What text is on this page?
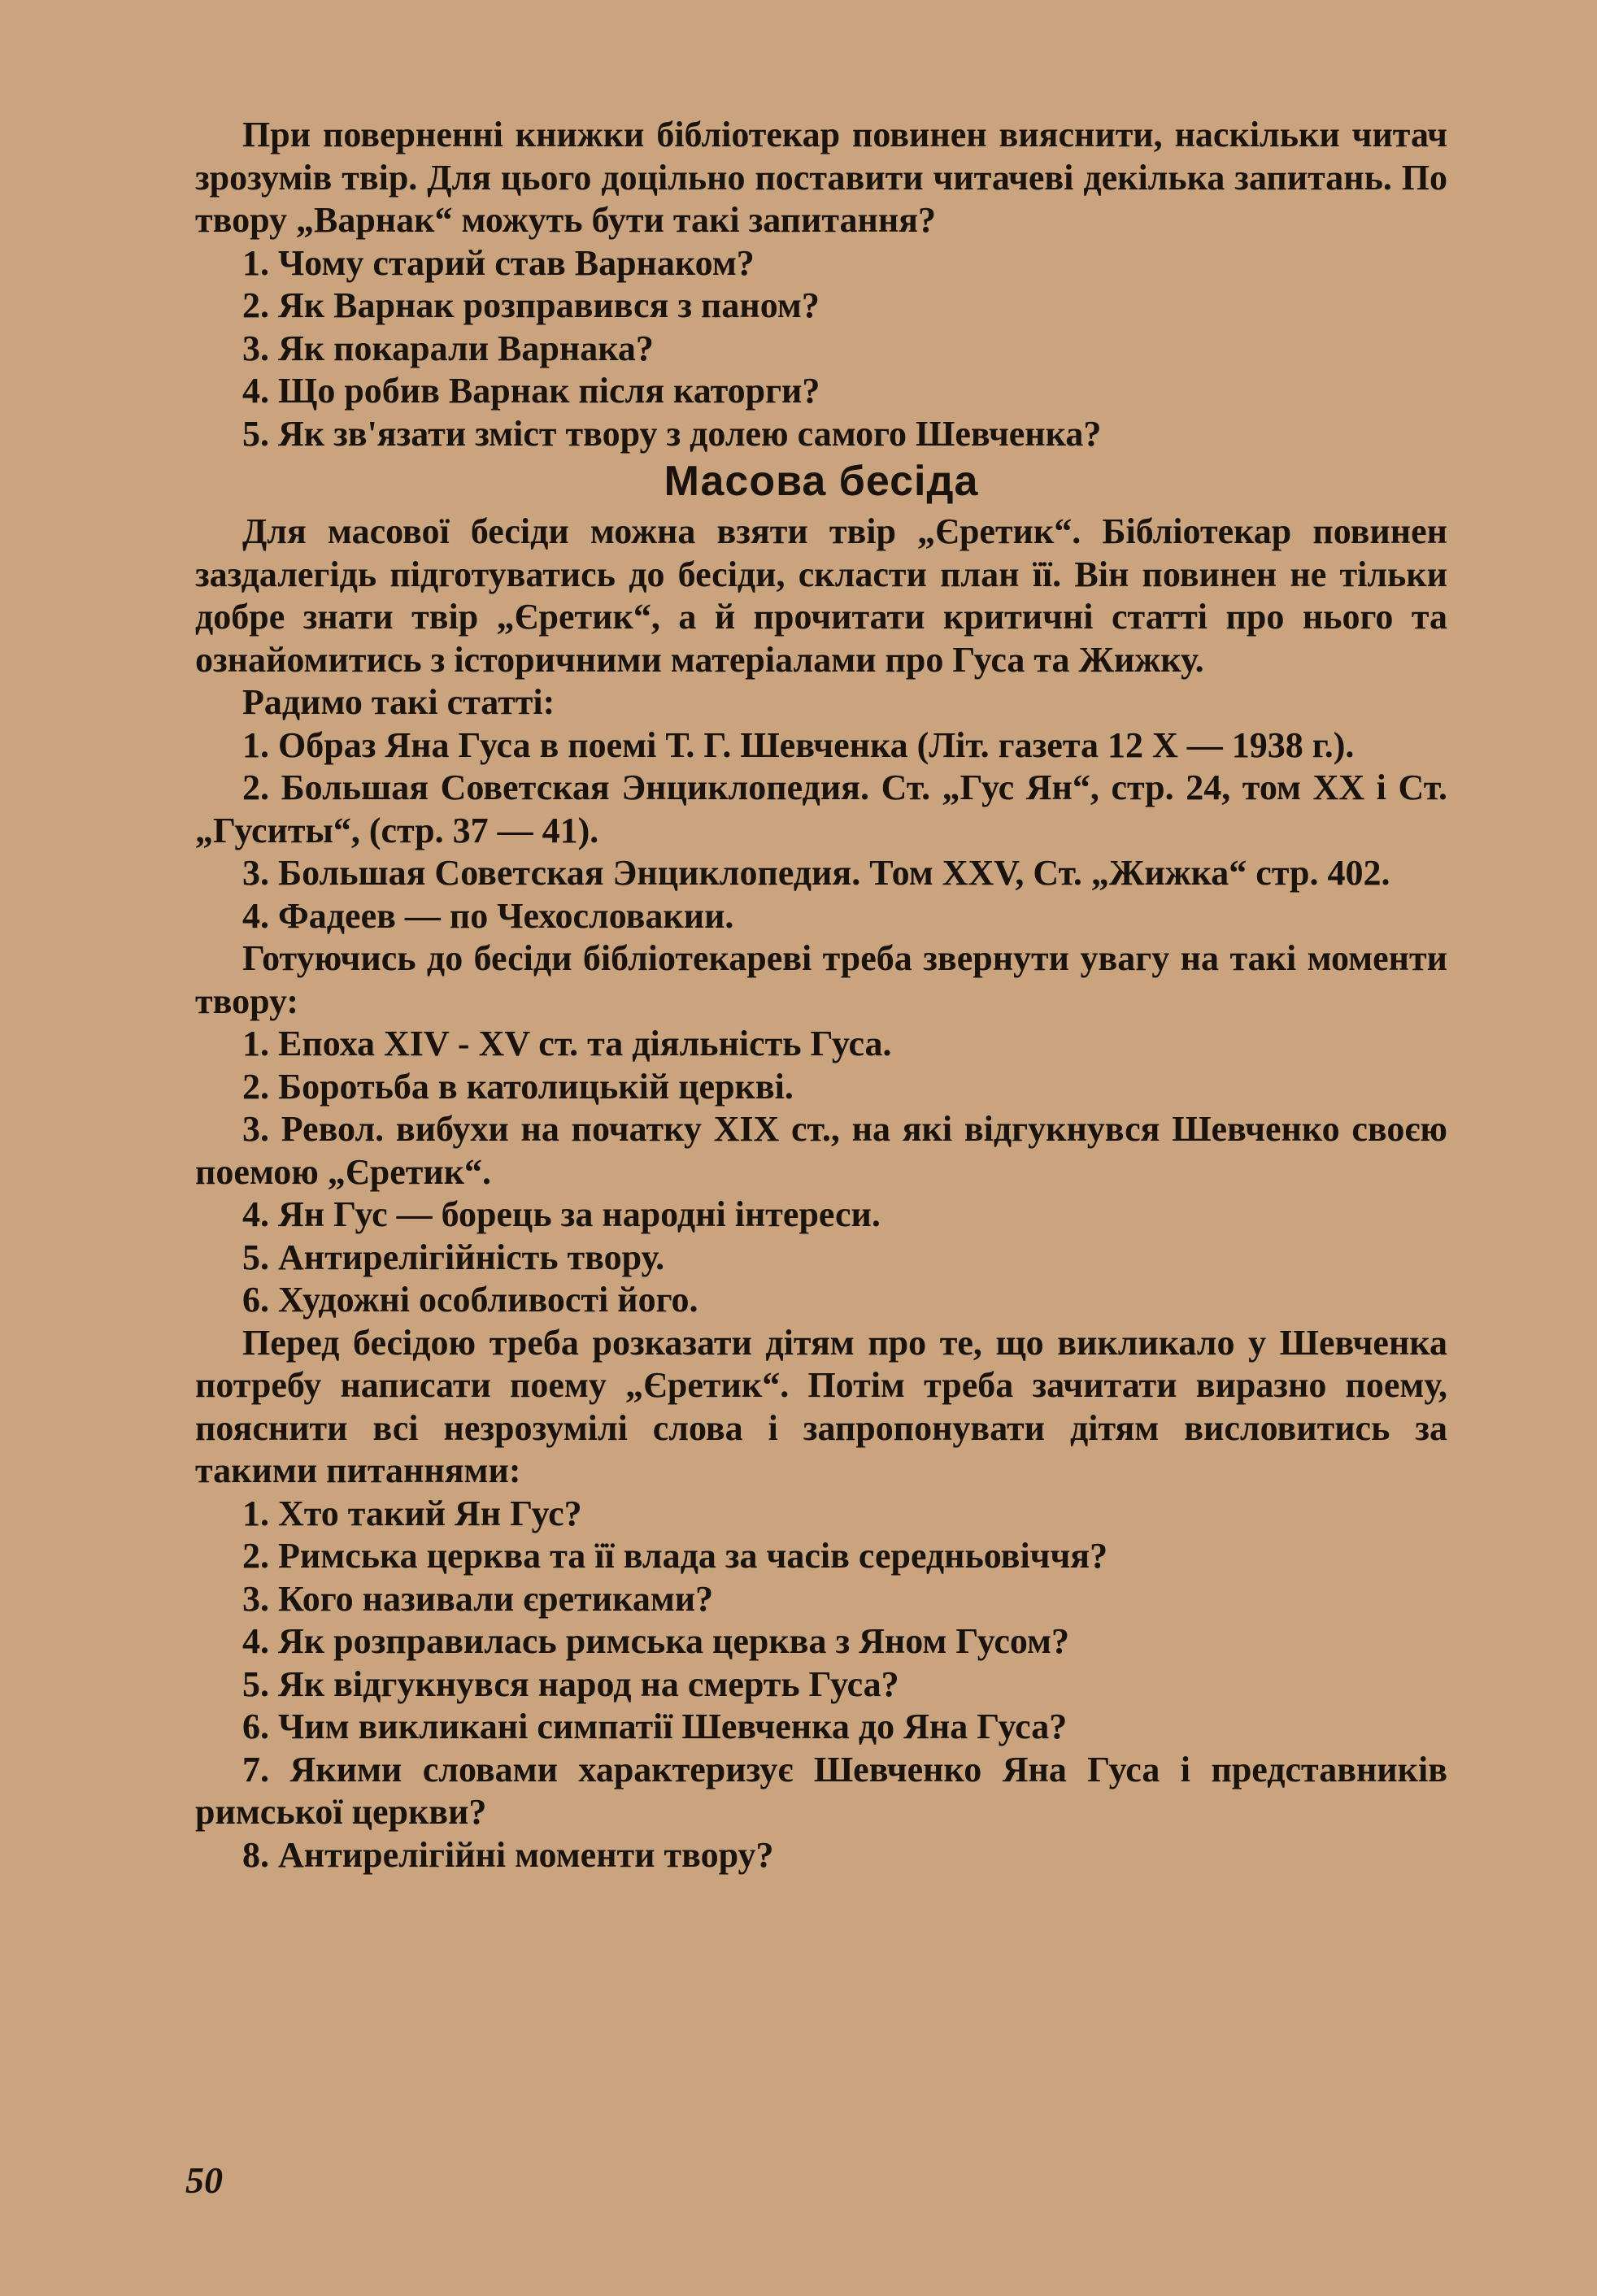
При поверненні книжки бібліотекар повинен вияснити, наскільки читач зрозумів твір. Для цього доцільно поставити читачеві декілька запитань. По твору „Варнак“ можуть бути такі запитання?

1. Чому старий став Варнаком?

2. Як Варнак розправився з паном?

3. Як покарали Варнака?

4. Що робив Варнак після каторги?

5. Як зв'язати зміст твору з долею самого Шевченка?

Масова бесіда

Для масової бесіди можна взяти твір „Єретик“. Бібліотекар повинен заздалегідь підготуватись до бесіди, скласти план її. Він повинен не тільки добре знати твір „Єретик“, а й прочитати критичні статті про нього та ознайомитись з історичними матеріалами про Гуса та Жижку.

Радимо такі статті:

1. Образ Яна Гуса в поемі Т. Г. Шевченка (Літ. газета 12 Х — 1938 г.).

2. Большая Советская Энциклопедия. Ст. „Гус Ян“, стр. 24, том XX і Ст. „Гуситы“, (стр. 37 — 41).

3. Большая Советская Энциклопедия. Том XXV, Ст. „Жижка“ стр. 402.

4. Фадеев — по Чехословакии.

Готуючись до бесіди бібліотекареві треба звернути увагу на такі моменти твору:

1. Епоха XIV - XV ст. та діяльність Гуса.

2. Боротьба в католицькій церкві.

3. Револ. вибухи на початку XIX ст., на які відгукнувся Шевченко своєю поемою „Єретик“.

4. Ян Гус — борець за народні інтереси.

5. Антирелігійність твору.

6. Художні особливості його.

Перед бесідою треба розказати дітям про те, що викликало у Шевченка потребу написати поему „Єретик“. Потім треба зачитати виразно поему, пояснити всі незрозумілі слова і запропонувати дітям висловитись за такими питаннями:

1. Хто такий Ян Гус?

2. Римська церква та її влада за часів середньовіччя?

3. Кого називали єретиками?

4. Як розправилась римська церква з Яном Гусом?

5. Як відгукнувся народ на смерть Гуса?

6. Чим викликані симпатії Шевченка до Яна Гуса?

7. Якими словами характеризує Шевченко Яна Гуса і представників римської церкви?

8. Антирелігійні моменти твору?

50
